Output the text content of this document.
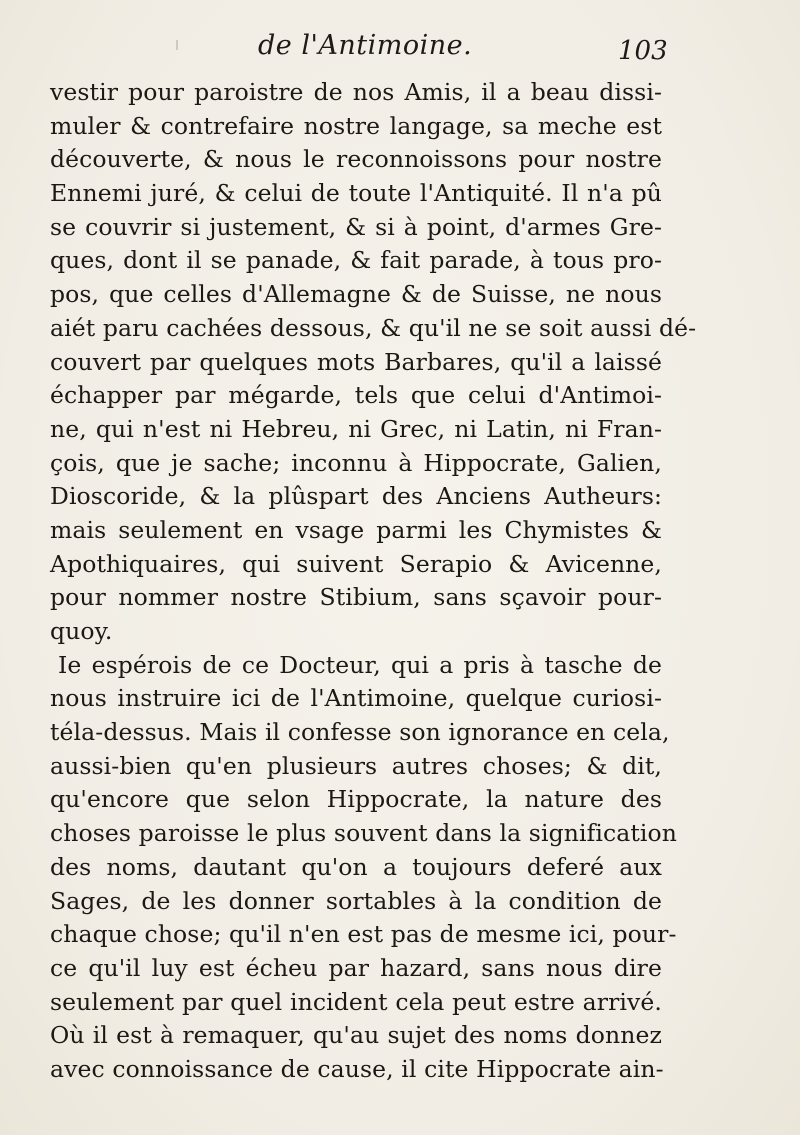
de l'Antimoine.	103
vestir pour paroistre de nos Amis, il a beau dissi-
muler & contrefaire nostre langage, sa meche est
découverte, & nous le reconnoissons pour nostre
Ennemi juré, & celui de toute l'Antiquité. Il n'a pû
se couvrir si justement, & si à point, d'armes Gre-
ques, dont il se panade, & fait parade, à tous pro-
pos, que celles d'Allemagne & de Suisse, ne nous
aiét paru cachées dessous, & qu'il ne se soit aussi dé-
couvert par quelques mots Barbares, qu'il a laissé
échapper par mégarde, tels que celui d'Antimoi-
ne, qui n'est ni Hebreu, ni Grec, ni Latin, ni Fran-
çois, que je sache; inconnu à Hippocrate, Galien,
Dioscoride, & la plûspart des Anciens Autheurs:
mais seulement en vsage parmi les Chymistes &
Apothiquaires, qui suivent Serapio & Avicenne,
pour nommer nostre Stibium, sans sçavoir pour-
quoy.
Ie espérois de ce Docteur, qui a pris à tasche de
nous instruire ici de l'Antimoine, quelque curiosi-
téla-dessus. Mais il confesse son ignorance en cela,
aussi-bien qu'en plusieurs autres choses; & dit,
qu'encore que selon Hippocrate, la nature des
choses paroisse le plus souvent dans la signification
des noms, dautant qu'on a toujours deferé aux
Sages, de les donner sortables à la condition de
chaque chose; qu'il n'en est pas de mesme ici, pour-
ce qu'il luy est écheu par hazard, sans nous dire
seulement par quel incident cela peut estre arrivé.
Où il est à remaquer, qu'au sujet des noms donnez
avec connoissance de cause, il cite Hippocrate ain-
